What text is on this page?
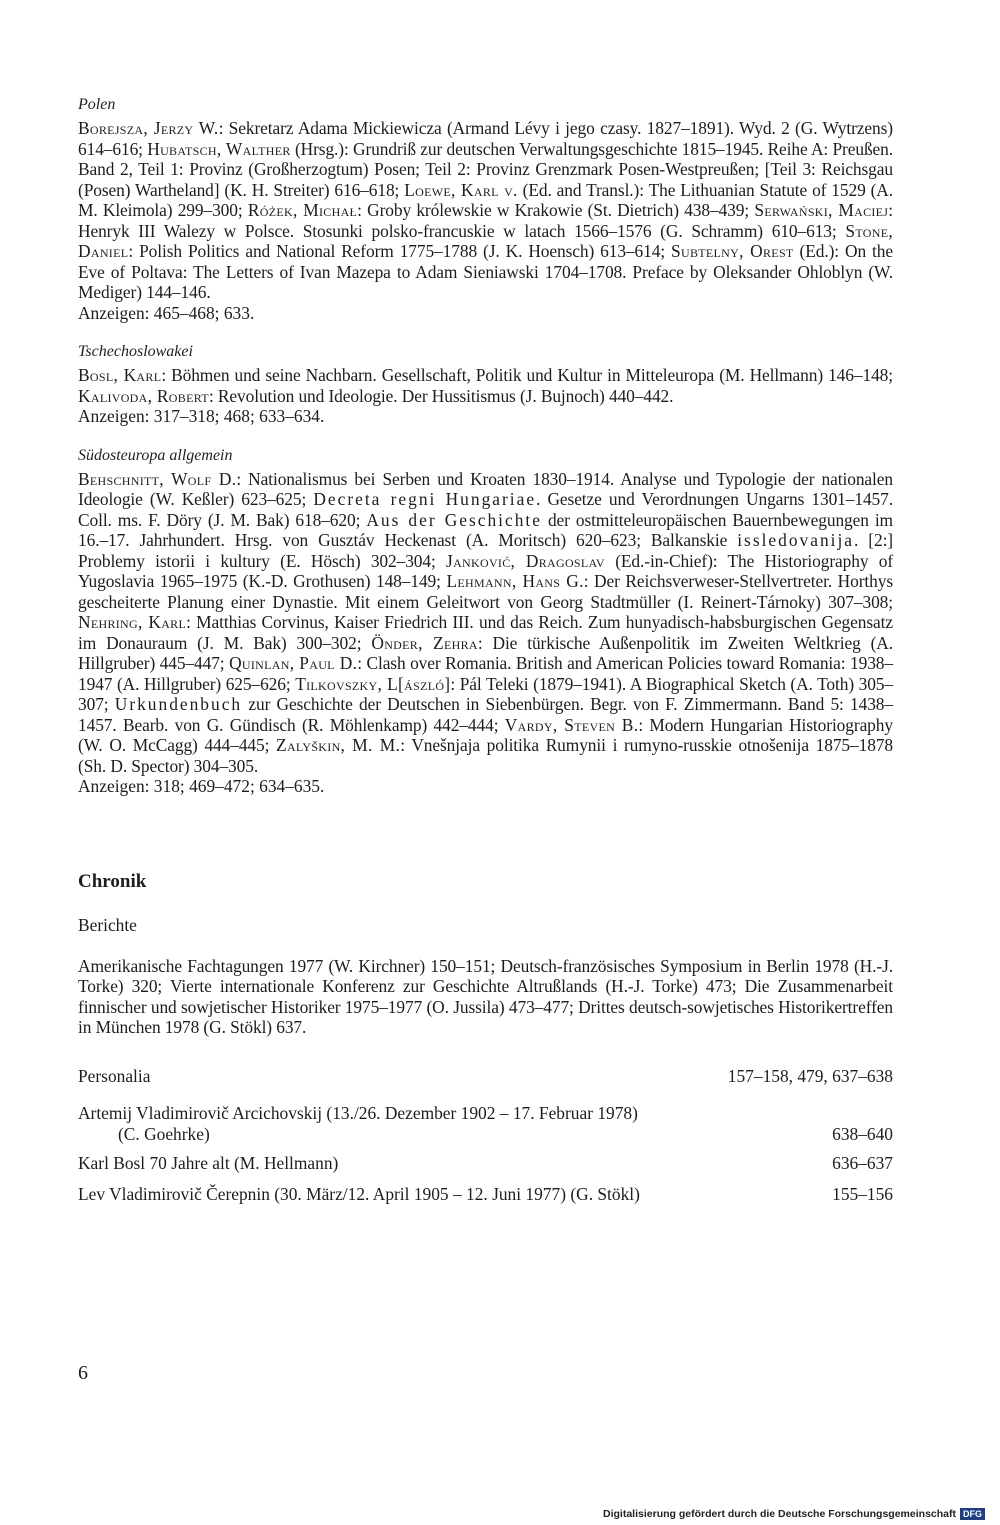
Polen

Borejsza, Jerzy W.: Sekretarz Adama Mickiewicza (Armand Lévy i jego czasy. 1827–1891). Wyd. 2 (G. Wytrzens) 614–616; Hubatsch, Walther (Hrsg.): Grundriß zur deutschen Verwaltungsgeschichte 1815–1945. Reihe A: Preußen. Band 2, Teil 1: Provinz (Großherzogtum) Posen; Teil 2: Provinz Grenzmark Posen-Westpreußen; [Teil 3: Reichsgau (Posen) Wartheland] (K. H. Streiter) 616–618; Loewe, Karl v. (Ed. and Transl.): The Lithuanian Statute of 1529 (A. M. Kleimola) 299–300; Różek, Michał: Groby królewskie w Krakowie (St. Dietrich) 438–439; Serwański, Maciej: Henryk III Walezy w Polsce. Stosunki polsko-francuskie w latach 1566–1576 (G. Schramm) 610–613; Stone, Daniel: Polish Politics and National Reform 1775–1788 (J. K. Hoensch) 613–614; Subtelny, Orest (Ed.): On the Eve of Poltava: The Letters of Ivan Mazepa to Adam Sieniawski 1704–1708. Preface by Oleksander Ohloblyn (W. Mediger) 144–146.

Anzeigen: 465–468; 633.

Tschechoslowakei

Bosl, Karl: Böhmen und seine Nachbarn. Gesellschaft, Politik und Kultur in Mitteleuropa (M. Hellmann) 146–148; Kalivoda, Robert: Revolution und Ideologie. Der Hussitismus (J. Bujnoch) 440–442.

Anzeigen: 317–318; 468; 633–634.

Südosteuropa allgemein

Behschnitt, Wolf D.: Nationalismus bei Serben und Kroaten 1830–1914. Analyse und Typologie der nationalen Ideologie (W. Keßler) 623–625; Decreta regni Hungariae. Gesetze und Verordnungen Ungarns 1301–1457. Coll. ms. F. Döry (J. M. Bak) 618–620; Aus der Geschichte der ostmitteleuropäischen Bauernbewegungen im 16.–17. Jahrhundert. Hrsg. von Gusztáv Heckenast (A. Moritsch) 620–623; Balkanskie issledovanija. [2:] Problemy istorii i kultury (E. Hösch) 302–304; Janković, Dragoslav (Ed.-in-Chief): The Historiography of Yugoslavia 1965–1975 (K.-D. Grothusen) 148–149; Lehmann, Hans G.: Der Reichsverweser-Stellvertreter. Horthys gescheiterte Planung einer Dynastie. Mit einem Geleitwort von Georg Stadtmüller (I. Reinert-Tárnoky) 307–308; Nehring, Karl: Matthias Corvinus, Kaiser Friedrich III. und das Reich. Zum hunyadisch-habsburgischen Gegensatz im Donauraum (J. M. Bak) 300–302; Önder, Zehra: Die türkische Außenpolitik im Zweiten Weltkrieg (A. Hillgruber) 445–447; Quinlan, Paul D.: Clash over Romania. British and American Policies toward Romania: 1938–1947 (A. Hillgruber) 625–626; Tilkovszky, L[ászló]: Pál Teleki (1879–1941). A Biographical Sketch (A. Toth) 305–307; Urkundenbuch zur Geschichte der Deutschen in Siebenbürgen. Begr. von F. Zimmermann. Band 5: 1438–1457. Bearb. von G. Gündisch (R. Möhlenkamp) 442–444; Vardy, Steven B.: Modern Hungarian Historiography (W. O. McCagg) 444–445; Zalyškin, M. M.: Vnešnjaja politika Rumynii i rumyno-russkie otnošenija 1875–1878 (Sh. D. Spector) 304–305.

Anzeigen: 318; 469–472; 634–635.

Chronik

Berichte

Amerikanische Fachtagungen 1977 (W. Kirchner) 150–151; Deutsch-französisches Symposium in Berlin 1978 (H.-J. Torke) 320; Vierte internationale Konferenz zur Geschichte Altrußlands (H.-J. Torke) 473; Die Zusammenarbeit finnischer und sowjetischer Historiker 1975–1977 (O. Jussila) 473–477; Drittes deutsch-sowjetisches Historikertreffen in München 1978 (G. Stökl) 637.

Personalia	157–158, 479, 637–638
Artemij Vladimirovič Arcichovskij (13./26. Dezember 1902 – 17. Februar 1978)
(C. Goehrke)	638–640
Karl Bosl 70 Jahre alt (M. Hellmann)	636–637
Lev Vladimirovič Čerepnin (30. März/12. April 1905 – 12. Juni 1977) (G. Stökl)	155–156
6
Digitalisierung gefördert durch die Deutsche Forschungsgemeinschaft DFG
